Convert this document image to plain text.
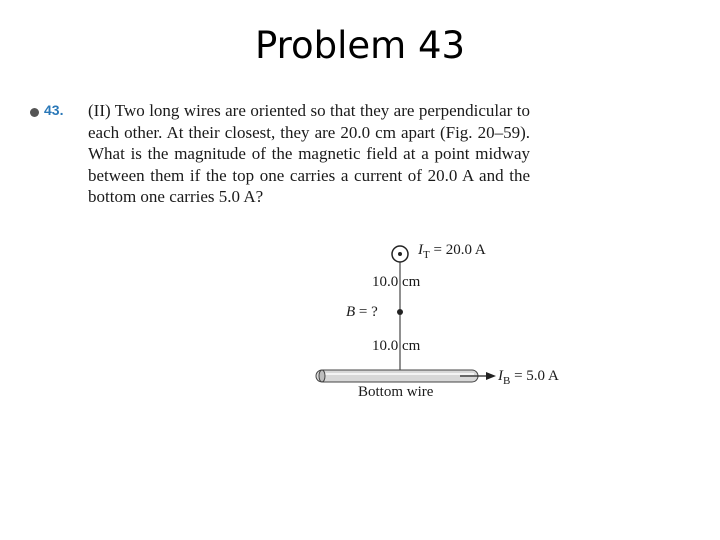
Problem 43
43. (II) Two long wires are oriented so that they are perpendicular to each other. At their closest, they are 20.0 cm apart (Fig. 20–59). What is the magnitude of the magnetic field at a point midway between them if the top one carries a current of 20.0 A and the bottom one carries 5.0 A?

$I_T = 20.0$ A
10.0 cm
B = ?
10.0 cm
$I_B = 5.0$ A
Bottom wire
